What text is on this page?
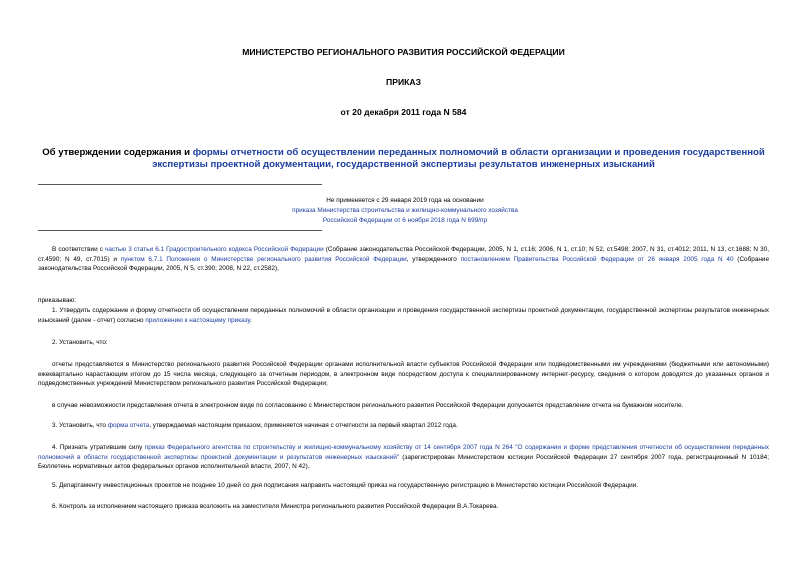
МИНИСТЕРСТВО РЕГИОНАЛЬНОГО РАЗВИТИЯ РОССИЙСКОЙ ФЕДЕРАЦИИ
ПРИКАЗ
от 20 декабря 2011 года N 584
Об утверждении содержания и формы отчетности об осуществлении переданных полномочий в области организации и проведения государственной экспертизы проектной документации, государственной экспертизы результатов инженерных изысканий
Не применяется с 29 января 2019 года на основании
приказа Министерства строительства и жилищно-коммунального хозяйства
Российской Федерации от 6 ноября 2018 года N 699/пр
В соответствии с частью 3 статьи 6.1 Градостроительного кодекса Российской Федерации (Собрание законодательства Российской Федерации, 2005, N 1, ст.16; 2006, N 1, ст.10; N 52, ст.5498; 2007, N 31, ст.4012; 2011, N 13, ст.1688; N 30, ст.4590; N 49, ст.7015) и пунктом 6.7.1 Положения о Министерстве регионального развития Российской Федерации, утвержденного постановлением Правительства Российской Федерации от 26 января 2005 года N 40 (Собрание законодательства Российской Федерации, 2005, N 5, ст.390; 2008, N 22, ст.2582),
приказываю:
1. Утвердить содержание и форму отчетности об осуществлении переданных полномочий в области организации и проведения государственной экспертизы проектной документации, государственной экспертизы результатов инженерных изысканий (далее - отчет) согласно приложению к настоящему приказу.
2. Установить, что:
отчеты представляются в Министерство регионального развития Российской Федерации органами исполнительной власти субъектов Российской Федерации или подведомственными им учреждениями (бюджетными или автономными) ежеквартально нарастающим итогом до 15 числа месяца, следующего за отчетным периодом, в электронном виде посредством доступа к специализированному интернет-ресурсу, сведения о котором доводятся до указанных органов и подведомственных учреждений Министерством регионального развития Российской Федерации;
в случае невозможности представления отчета в электронном виде по согласованию с Министерством регионального развития Российской Федерации допускается представление отчета на бумажном носителе.
3. Установить, что форма отчета, утверждаемая настоящим приказом, применяется начиная с отчетности за первый квартал 2012 года.
4. Признать утратившим силу приказ Федерального агентства по строительству и жилищно-коммунальному хозяйству от 14 сентября 2007 года N 264 "О содержании и форме представления отчетности об осуществлении переданных полномочий в области государственной экспертизы проектной документации и результатов инженерных изысканий" (зарегистрирован Министерством юстиции Российской Федерации 27 сентября 2007 года, регистрационный N 10184; Бюллетень нормативных актов федеральных органов исполнительной власти, 2007, N 42).
5. Департаменту инвестиционных проектов не позднее 10 дней со дня подписания направить настоящий приказ на государственную регистрацию в Министерство юстиции Российской Федерации.
6. Контроль за исполнением настоящего приказа возложить на заместителя Министра регионального развития Российской Федерации В.А.Токарева.
